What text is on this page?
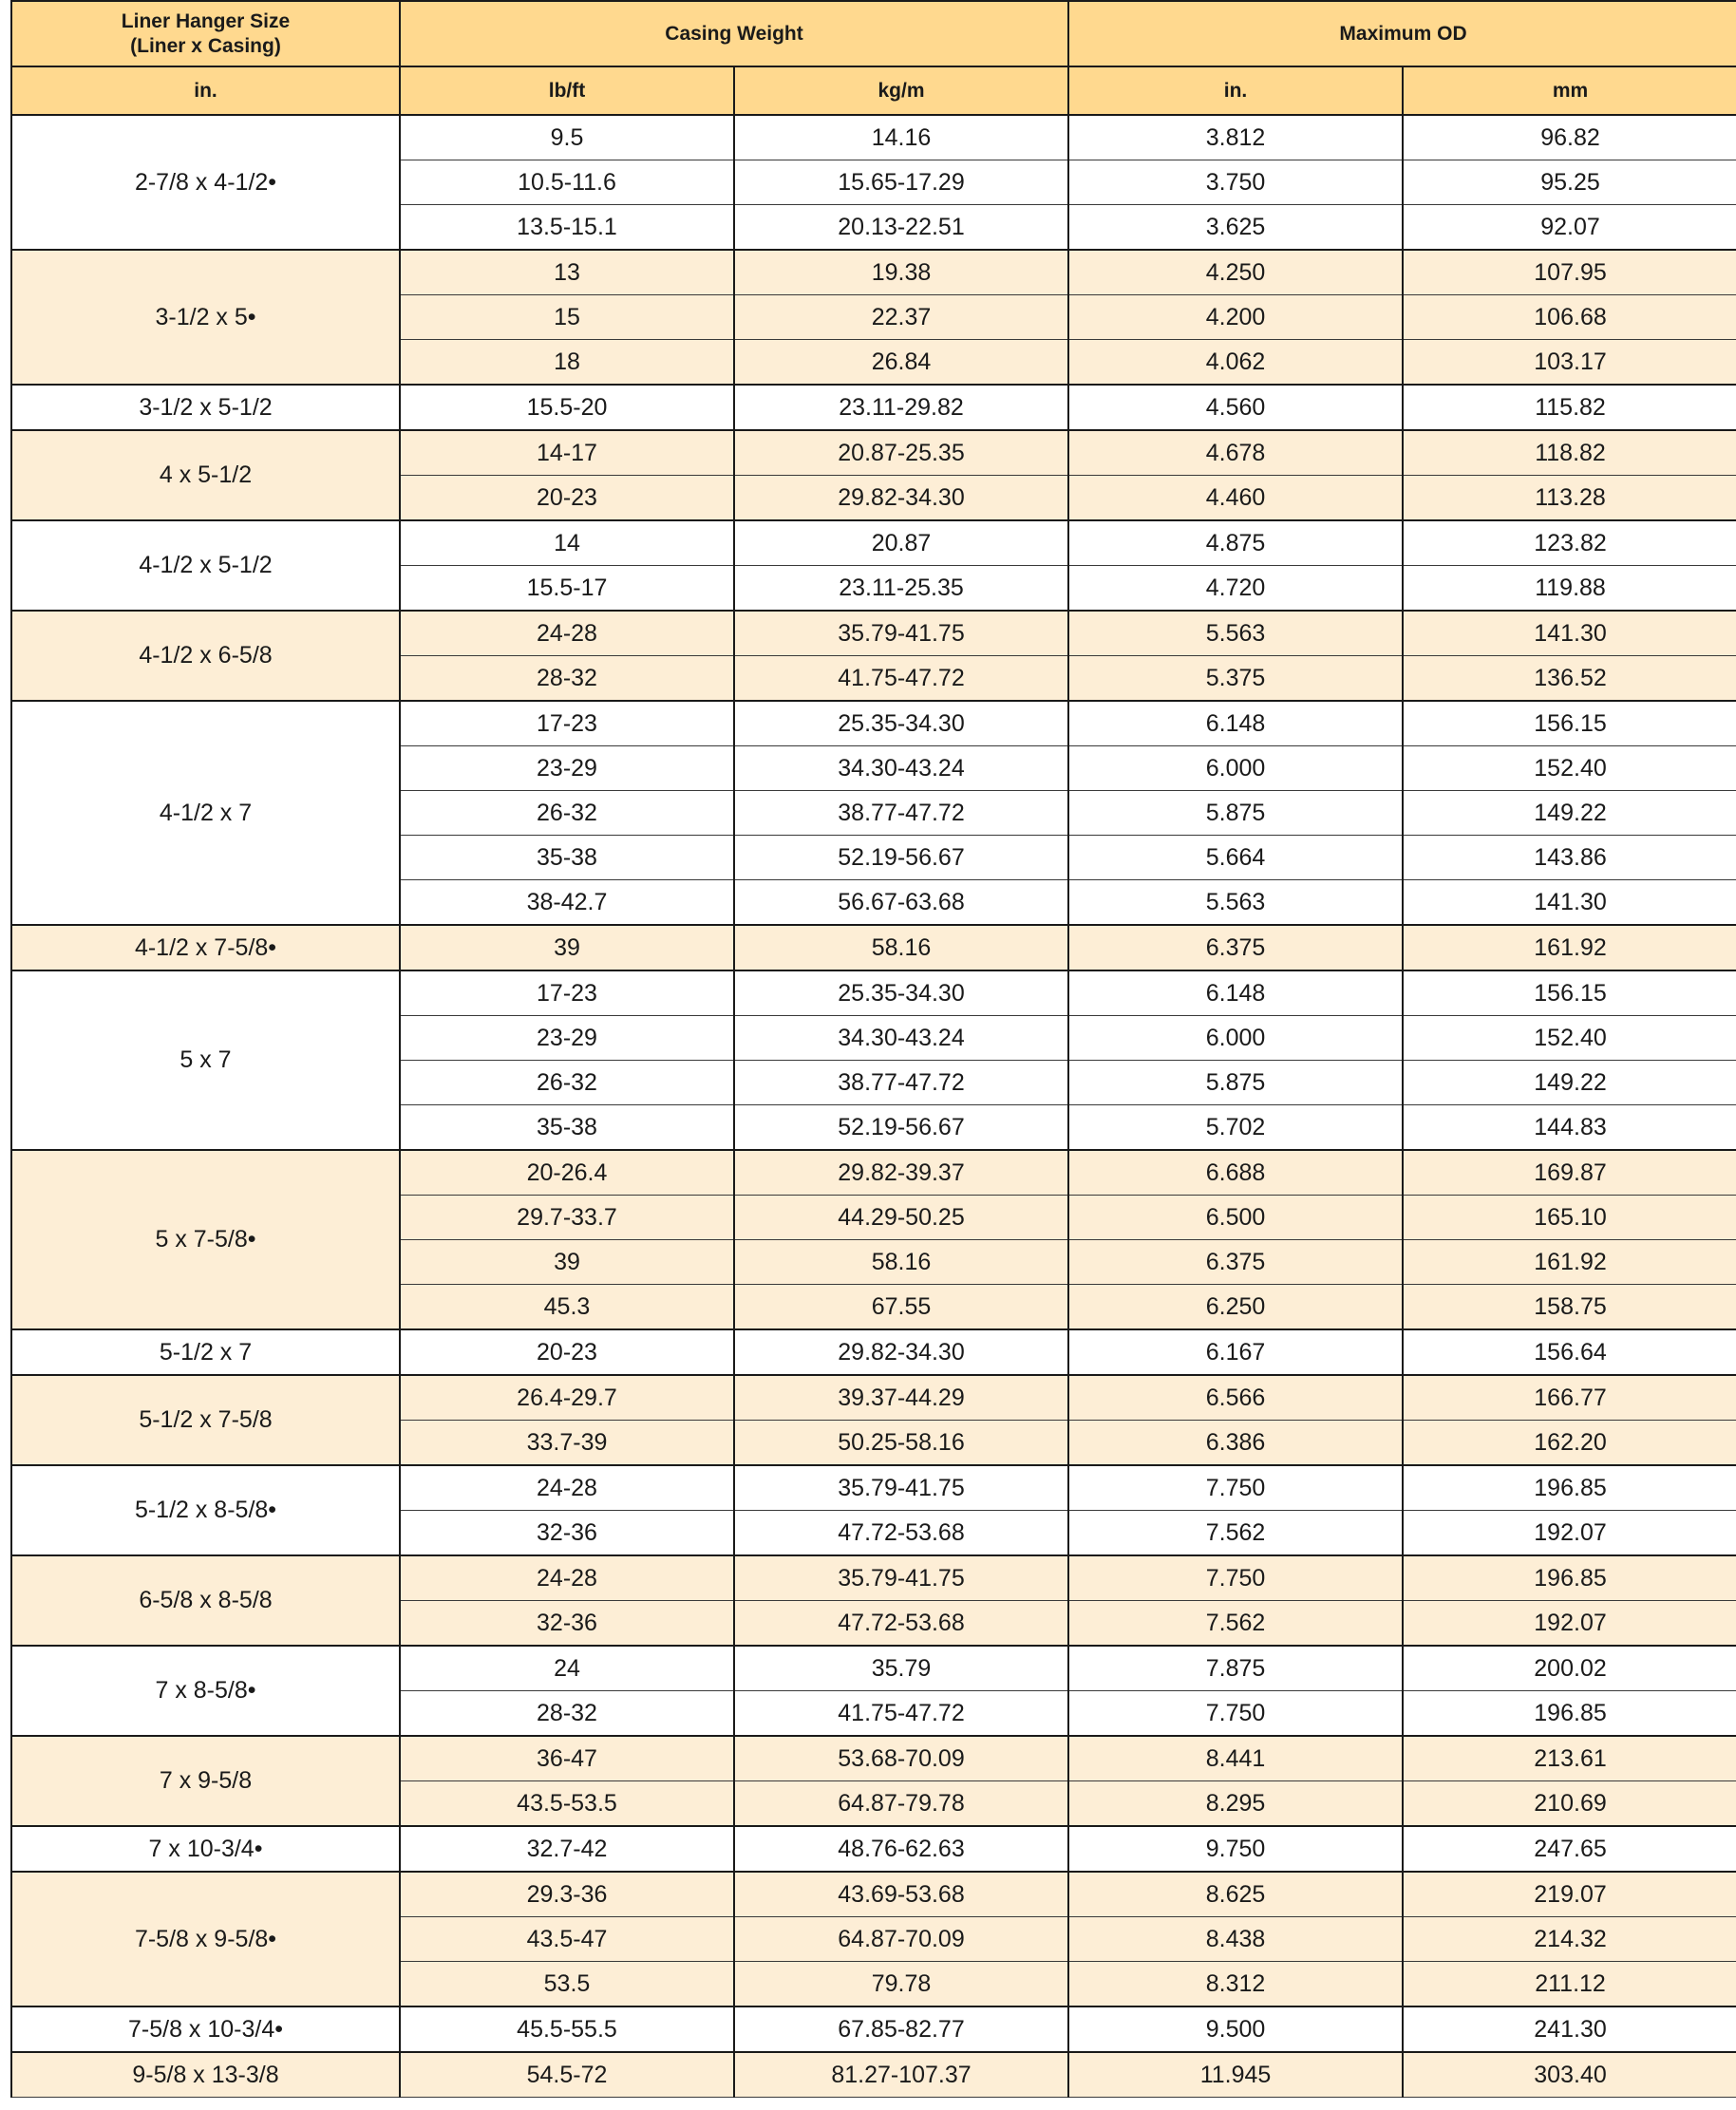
Liner Hanger Size
(Liner x Casing)	Casing Weight		Maximum OD	
in.	lb/ft	kg/m	in.	mm
2-7/8 x 4-1/2•	9.5	14.16	3.812	96.82
	10.5-11.6	15.65-17.29	3.750	95.25
	13.5-15.1	20.13-22.51	3.625	92.07
3-1/2 x 5•	13	19.38	4.250	107.95
	15	22.37	4.200	106.68
	18	26.84	4.062	103.17
3-1/2 x 5-1/2	15.5-20	23.11-29.82	4.560	115.82
4 x 5-1/2	14-17	20.87-25.35	4.678	118.82
	20-23	29.82-34.30	4.460	113.28
4-1/2 x 5-1/2	14	20.87	4.875	123.82
	15.5-17	23.11-25.35	4.720	119.88
4-1/2 x 6-5/8	24-28	35.79-41.75	5.563	141.30
	28-32	41.75-47.72	5.375	136.52
4-1/2 x 7	17-23	25.35-34.30	6.148	156.15
	23-29	34.30-43.24	6.000	152.40
	26-32	38.77-47.72	5.875	149.22
	35-38	52.19-56.67	5.664	143.86
	38-42.7	56.67-63.68	5.563	141.30
4-1/2 x 7-5/8•	39	58.16	6.375	161.92
5 x 7	17-23	25.35-34.30	6.148	156.15
	23-29	34.30-43.24	6.000	152.40
	26-32	38.77-47.72	5.875	149.22
	35-38	52.19-56.67	5.702	144.83
5 x 7-5/8•	20-26.4	29.82-39.37	6.688	169.87
	29.7-33.7	44.29-50.25	6.500	165.10
	39	58.16	6.375	161.92
	45.3	67.55	6.250	158.75
5-1/2 x 7	20-23	29.82-34.30	6.167	156.64
5-1/2 x 7-5/8	26.4-29.7	39.37-44.29	6.566	166.77
	33.7-39	50.25-58.16	6.386	162.20
5-1/2 x 8-5/8•	24-28	35.79-41.75	7.750	196.85
	32-36	47.72-53.68	7.562	192.07
6-5/8 x 8-5/8	24-28	35.79-41.75	7.750	196.85
	32-36	47.72-53.68	7.562	192.07
7 x 8-5/8•	24	35.79	7.875	200.02
	28-32	41.75-47.72	7.750	196.85
7 x 9-5/8	36-47	53.68-70.09	8.441	213.61
	43.5-53.5	64.87-79.78	8.295	210.69
7 x 10-3/4•	32.7-42	48.76-62.63	9.750	247.65
7-5/8 x 9-5/8•	29.3-36	43.69-53.68	8.625	219.07
	43.5-47	64.87-70.09	8.438	214.32
	53.5	79.78	8.312	211.12
7-5/8 x 10-3/4•	45.5-55.5	67.85-82.77	9.500	241.30
9-5/8 x 13-3/8	54.5-72	81.27-107.37	11.945	303.40
